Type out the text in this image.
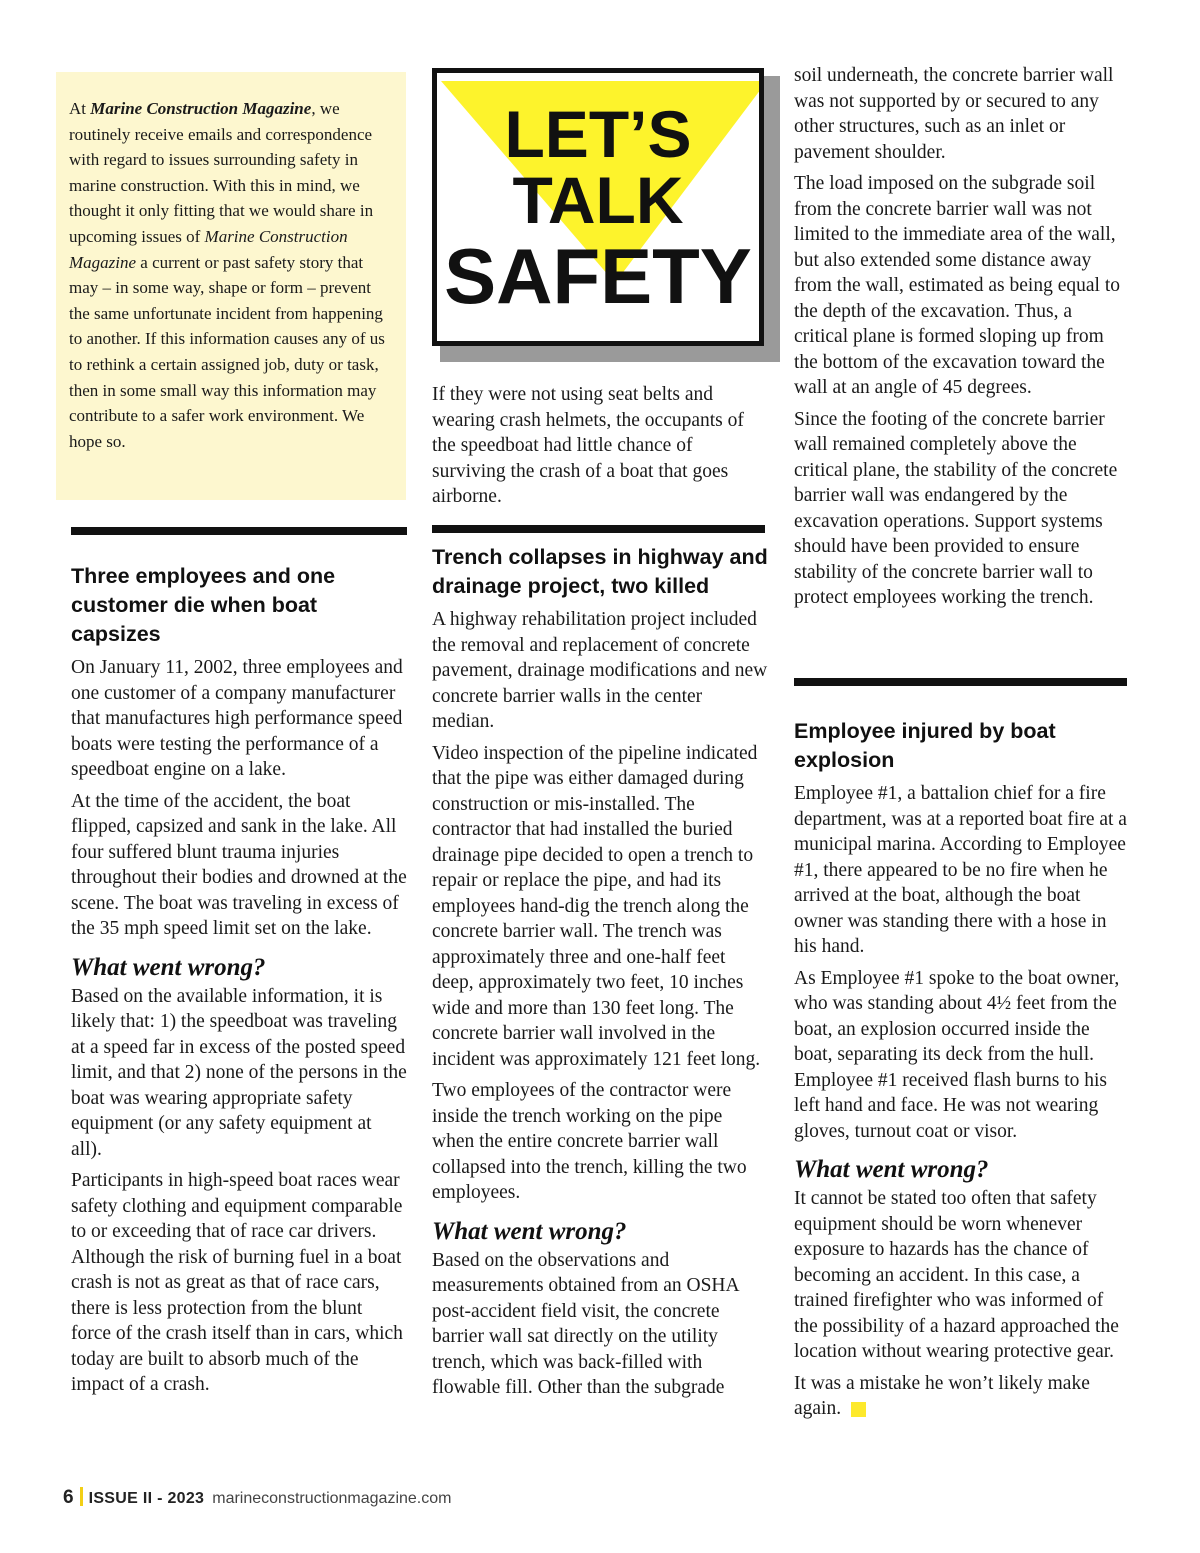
At Marine Construction Magazine, we routinely receive emails and correspondence with regard to issues surrounding safety in marine construction. With this in mind, we thought it only fitting that we would share in upcoming issues of Marine Construction Magazine a current or past safety story that may – in some way, shape or form – prevent the same unfortunate incident from happening to another. If this information causes any of us to rethink a certain assigned job, duty or task, then in some small way this information may contribute to a safer work environment. We hope so.

LET’S
TALK
SAFETY
Three employees and one customer die when boat capsizes

On January 11, 2002, three employees and one customer of a company manufacturer that manufactures high performance speed boats were testing the performance of a speedboat engine on a lake.

At the time of the accident, the boat flipped, capsized and sank in the lake. All four suffered blunt trauma injuries throughout their bodies and drowned at the scene. The boat was traveling in excess of the 35 mph speed limit set on the lake.

What went wrong?

Based on the available information, it is likely that: 1) the speedboat was traveling at a speed far in excess of the posted speed limit, and that 2) none of the persons in the boat was wearing appropriate safety equipment (or any safety equipment at all).

Participants in high-speed boat races wear safety clothing and equipment comparable to or exceeding that of race car drivers. Although the risk of burning fuel in a boat crash is not as great as that of race cars, there is less protection from the blunt force of the crash itself than in cars, which today are built to absorb much of the impact of a crash.

If they were not using seat belts and wearing crash helmets, the occupants of the speedboat had little chance of surviving the crash of a boat that goes airborne.

Trench collapses in highway and drainage project, two killed

A highway rehabilitation project included the removal and replacement of concrete pavement, drainage modifications and new concrete barrier walls in the center median.

Video inspection of the pipeline indicated that the pipe was either damaged during construction or mis-installed. The contractor that had installed the buried drainage pipe decided to open a trench to repair or replace the pipe, and had its employees hand-dig the trench along the concrete barrier wall. The trench was approximately three and one-half feet deep, approximately two feet, 10 inches wide and more than 130 feet long. The concrete barrier wall involved in the incident was approximately 121 feet long.

Two employees of the contractor were inside the trench working on the pipe when the entire concrete barrier wall collapsed into the trench, killing the two employees.

What went wrong?

Based on the observations and measurements obtained from an OSHA post-accident field visit, the concrete barrier wall sat directly on the utility trench, which was back-filled with flowable fill. Other than the subgrade

soil underneath, the concrete barrier wall was not supported by or secured to any other structures, such as an inlet or pavement shoulder.

The load imposed on the subgrade soil from the concrete barrier wall was not limited to the immediate area of the wall, but also extended some distance away from the wall, estimated as being equal to the depth of the excavation. Thus, a critical plane is formed sloping up from the bottom of the excavation toward the wall at an angle of 45 degrees.

Since the footing of the concrete barrier wall remained completely above the critical plane, the stability of the concrete barrier wall was endangered by the excavation operations. Support systems should have been provided to ensure stability of the concrete barrier wall to protect employees working the trench.

Employee injured by boat explosion

Employee #1, a battalion chief for a fire department, was at a reported boat fire at a municipal marina. According to Employee #1, there appeared to be no fire when he arrived at the boat, although the boat owner was standing there with a hose in his hand.

As Employee #1 spoke to the boat owner, who was standing about 4½ feet from the boat, an explosion occurred inside the boat, separating its deck from the hull. Employee #1 received flash burns to his left hand and face. He was not wearing gloves, turnout coat or visor.

What went wrong?

It cannot be stated too often that safety equipment should be worn whenever exposure to hazards has the chance of becoming an accident. In this case, a trained firefighter who was informed of the possibility of a hazard approached the location without wearing protective gear.

It was a mistake he won’t likely make again.

6 ISSUE II - 2023 marineconstructionmagazine.com
